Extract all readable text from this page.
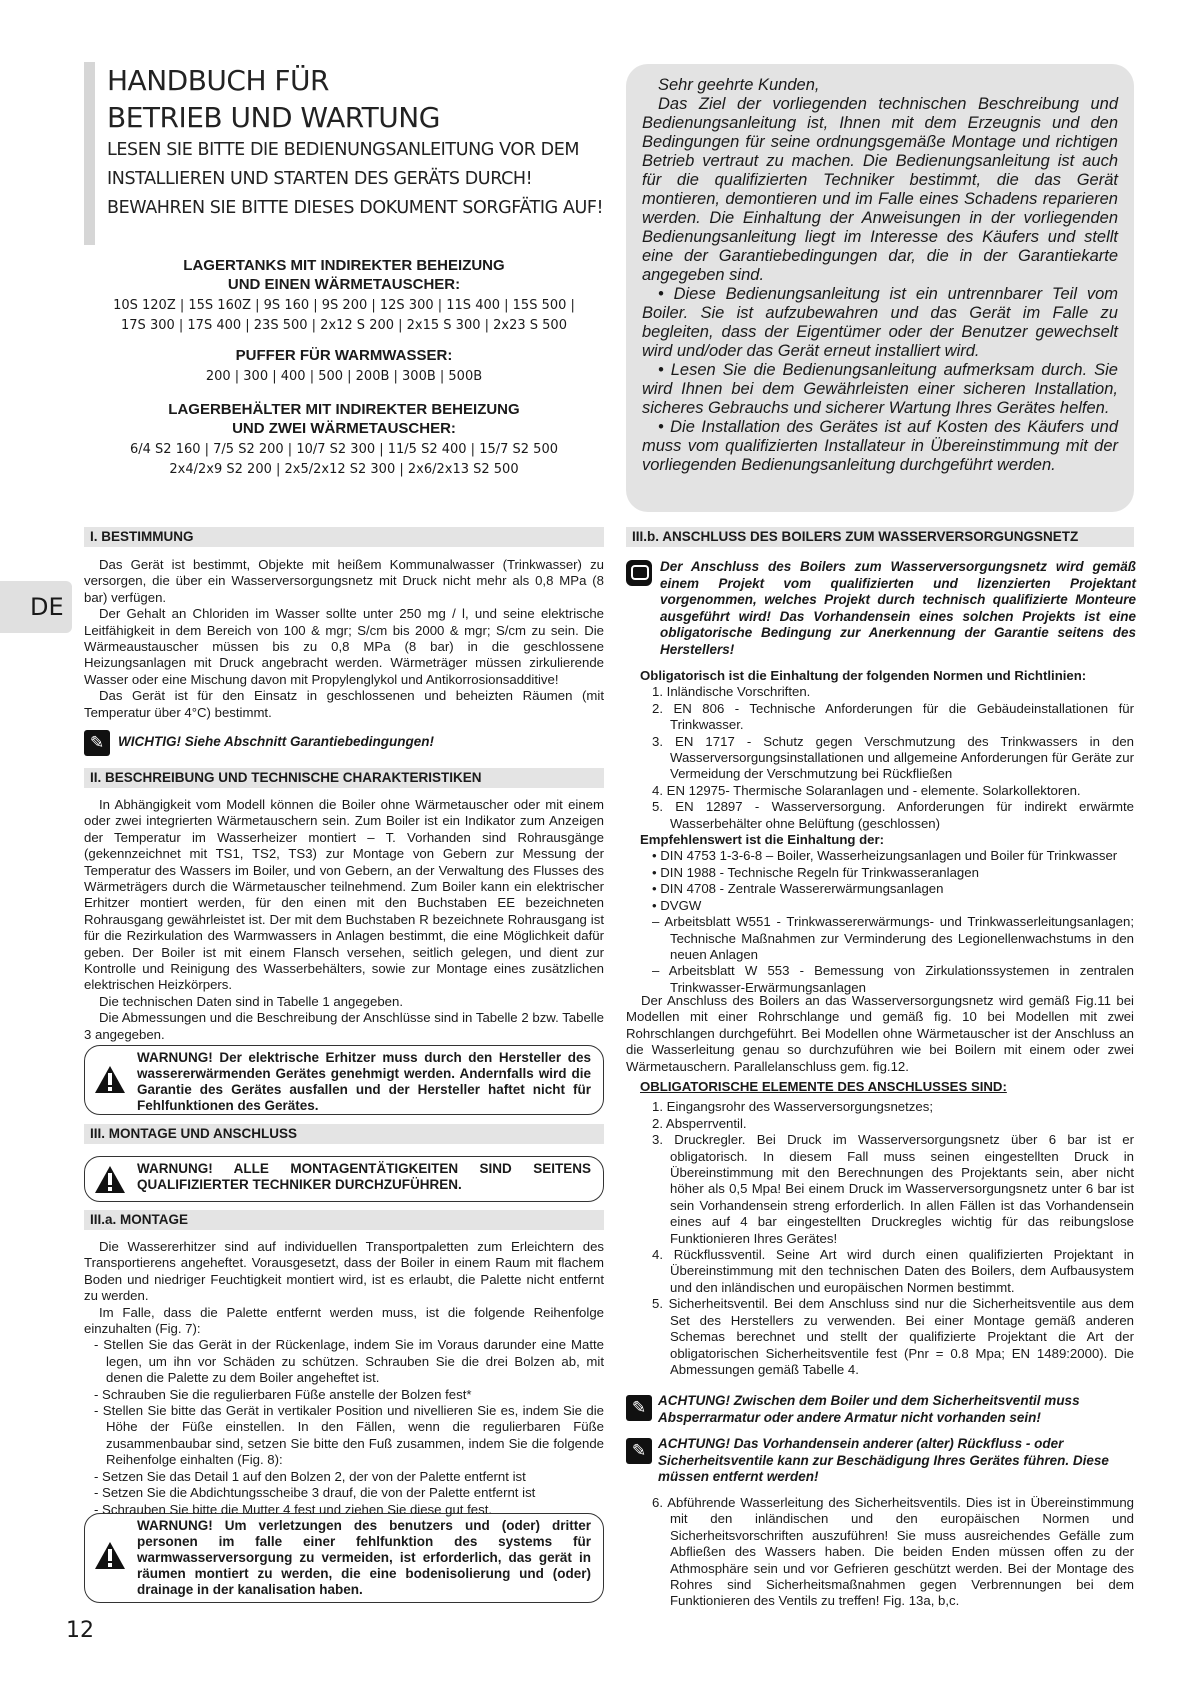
HANDBUCH FÜR
BETRIEB UND WARTUNG
LESEN SIE BITTE DIE BEDIENUNGSANLEITUNG VOR DEM
INSTALLIEREN UND STARTEN DES GERÄTS DURCH!
BEWAHREN SIE BITTE DIESES DOKUMENT SORGFÄTIG AUF!
LAGERTANKS MIT INDIREKTER BEHEIZUNG
UND EINEN WÄRMETAUSCHER:
10S 120Z | 15S 160Z | 9S 160 | 9S 200 | 12S 300 | 11S 400 | 15S 500 |
17S 300 | 17S 400 | 23S 500 | 2x12 S 200 | 2x15 S 300 | 2x23 S 500
PUFFER FÜR WARMWASSER:
200 | 300 | 400 | 500 | 200B | 300B | 500B
LAGERBEHÄLTER MIT INDIREKTER BEHEIZUNG
UND ZWEI WÄRMETAUSCHER:
6/4 S2 160 | 7/5 S2 200 | 10/7 S2 300 | 11/5 S2 400 | 15/7 S2 500
2x4/2x9 S2 200 | 2x5/2x12 S2 300 | 2x6/2x13 S2 500

Sehr geehrte Kunden,

Das Ziel der vorliegenden technischen Beschreibung und Bedienungsanleitung ist, Ihnen mit dem Erzeugnis und den Bedingungen für seine ordnungsgemäße Montage und richtigen Betrieb vertraut zu machen. Die Bedienungsanleitung ist auch für die qualifizierten Techniker bestimmt, die das Gerät montieren, demontieren und im Falle eines Schadens reparieren werden. Die Einhaltung der Anweisungen in der vorliegenden Bedienungsanleitung liegt im Interesse des Käufers und stellt eine der Garantiebedingungen dar, die in der Garantiekarte angegeben sind.

• Diese Bedienungsanleitung ist ein untrennbarer Teil vom Boiler. Sie ist aufzubewahren und das Gerät im Falle zu begleiten, dass der Eigentümer oder der Benutzer gewechselt wird und/oder das Gerät erneut installiert wird.

• Lesen Sie die Bedienungsanleitung aufmerksam durch. Sie wird Ihnen bei dem Gewährleisten einer sicheren Installation, sicheres Gebrauchs und sicherer Wartung Ihres Gerätes helfen.

• Die Installation des Gerätes ist auf Kosten des Käufers und muss vom qualifizierten Installateur in Übereinstimmung mit der vorliegenden Bedienungsanleitung durchgeführt werden.

DE
I. BESTIMMUNG

Das Gerät ist bestimmt, Objekte mit heißem Kommunalwasser (Trinkwasser) zu versorgen, die über ein Wasserversorgungsnetz mit Druck nicht mehr als 0,8 MPa (8 bar) verfügen.

Der Gehalt an Chloriden im Wasser sollte unter 250 mg / l, und seine elektrische Leitfähigkeit in dem Bereich von 100 & mgr; S/cm bis 2000 & mgr; S/cm zu sein. Die Wärmeaustauscher müssen bis zu 0,8 MPa (8 bar) in die geschlossene Heizungsanlagen mit Druck angebracht werden. Wärmeträger müssen zirkulierende Wasser oder eine Mischung davon mit Propylenglykol und Antikorrosionsadditive!

Das Gerät ist für den Einsatz in geschlossenen und beheizten Räumen (mit Temperatur über 4°C) bestimmt.

✎	WICHTIG! Siehe Abschnitt Garantiebedingungen!
II. BESCHREIBUNG UND TECHNISCHE CHARAKTERISTIKEN

In Abhängigkeit vom Modell können die Boiler ohne Wärmetauscher oder mit einem oder zwei integrierten Wärmetauschern sein. Zum Boiler ist ein Indikator zum Anzeigen der Temperatur im Wasserheizer montiert – T. Vorhanden sind Rohrausgänge (gekennzeichnet mit TS1, TS2, TS3) zur Montage von Gebern zur Messung der Temperatur des Wassers im Boiler, und von Gebern, an der Verwaltung des Flusses des Wärmeträgers durch die Wärmetauscher teilnehmend. Zum Boiler kann ein elektrischer Erhitzer montiert werden, für den einen mit den Buchstaben EE bezeichneten Rohrausgang gewährleistet ist. Der mit dem Buchstaben R bezeichnete Rohrausgang ist für die Rezirkulation des Warmwassers in Anlagen bestimmt, die eine Möglichkeit dafür geben. Der Boiler ist mit einem Flansch versehen, seitlich gelegen, und dient zur Kontrolle und Reinigung des Wasserbehälters, sowie zur Montage eines zusätzlichen elektrischen Heizkörpers.

Die technischen Daten sind in Tabelle 1 angegeben.

Die Abmessungen und die Beschreibung der Anschlüsse sind in Tabelle 2 bzw. Tabelle 3 angegeben.

WARNUNG! Der elektrische Erhitzer muss durch den Hersteller des wassererwärmenden Gerätes genehmigt werden. Andernfalls wird die Garantie des Gerätes ausfallen und der Hersteller haftet nicht für Fehlfunktionen des Gerätes.
III. MONTAGE UND ANSCHLUSS
WARNUNG! ALLE MONTAGENTÄTIGKEITEN SIND SEITENS QUALIFIZIERTER TECHNIKER DURCHZUFÜHREN.
III.a. MONTAGE

Die Wassererhitzer sind auf individuellen Transportpaletten zum Erleichtern des Transportierens angeheftet. Vorausgesetzt, dass der Boiler in einem Raum mit flachem Boden und niedriger Feuchtigkeit montiert wird, ist es erlaubt, die Palette nicht entfernt zu werden.

Im Falle, dass die Palette entfernt werden muss, ist die folgende Reihenfolge einzuhalten (Fig. 7):

- Stellen Sie das Gerät in der Rückenlage, indem Sie im Voraus darunder eine Matte legen, um ihn vor Schäden zu schützen. Schrauben Sie die drei Bolzen ab, mit denen die Palette zu dem Boiler angeheftet ist.
- Schrauben Sie die regulierbaren Füße anstelle der Bolzen fest*
- Stellen Sie bitte das Gerät in vertikaler Position und nivellieren Sie es, indem Sie die Höhe der Füße einstellen. In den Fällen, wenn die regulierbaren Füße zusammenbaubar sind, setzen Sie bitte den Fuß zusammen, indem Sie die folgende Reihenfolge einhalten (Fig. 8):
- Setzen Sie das Detail 1 auf den Bolzen 2, der von der Palette entfernt ist
- Setzen Sie die Abdichtungsscheibe 3 drauf, die von der Palette entfernt ist
- Schrauben Sie bitte die Mutter 4 fest und ziehen Sie diese gut fest.
WARNUNG! Um verletzungen des benutzers und (oder) dritter personen im falle einer fehlfunktion des systems für warmwasserversorgung zu vermeiden, ist erforderlich, das gerät in räumen montiert zu werden, die eine bodenisolierung und (oder) drainage in der kanalisation haben.
12
III.b. ANSCHLUSS DES BOILERS ZUM WASSERVERSORGUNGSNETZ
Der Anschluss des Boilers zum Wasserversorgungsnetz wird gemäß einem Projekt vom qualifizierten und lizenzierten Projektant vorgenommen, welches Projekt durch technisch qualifizierte Monteure ausgeführt wird! Das Vorhandensein eines solchen Projekts ist eine obligatorische Bedingung zur Anerkennung der Garantie seitens des Herstellers!
Obligatorisch ist die Einhaltung der folgenden Normen und Richtlinien:
1. Inländische Vorschriften.
2. EN 806 - Technische Anforderungen für die Gebäudeinstallationen für Trinkwasser.
3. EN 1717 - Schutz gegen Verschmutzung des Trinkwassers in den Wasserversorgungsinstallationen und allgemeine Anforderungen für Geräte zur Vermeidung der Verschmutzung bei Rückfließen
4. EN 12975- Thermische Solaranlagen und - elemente. Solarkollektoren.
5. EN 12897 - Wasserversorgung. Anforderungen für indirekt erwärmte Wasserbehälter ohne Belüftung (geschlossen)
Empfehlenswert ist die Einhaltung der:
• DIN 4753 1-3-6-8 – Boiler, Wasserheizungsanlagen und Boiler für Trinkwasser
• DIN 1988 - Technische Regeln für Trinkwasseranlagen
• DIN 4708 - Zentrale Wassererwärmungsanlagen
• DVGW
– Arbeitsblatt W551 - Trinkwassererwärmungs- und Trinkwasserleitungsanlagen; Technische Maßnahmen zur Verminderung des Legionellenwachstums in den neuen Anlagen
– Arbeitsblatt W 553 - Bemessung von Zirkulationssystemen in zentralen Trinkwasser-Erwärmungsanlagen

Der Anschluss des Boilers an das Wasserversorgungsnetz wird gemäß Fig.11 bei Modellen mit einer Rohrschlange und gemäß fig. 10 bei Modellen mit zwei Rohrschlangen durchgeführt. Bei Modellen ohne Wärmetauscher ist der Anschluss an die Wasserleitung genau so durchzuführen wie bei Boilern mit einem oder zwei Wärmetauschern. Parallelanschluss gem. fig.12.

OBLIGATORISCHE ELEMENTE DES ANSCHLUSSES SIND:
1. Eingangsrohr des Wasserversorgungsnetzes;
2. Absperrventil.
3. Druckregler. Bei Druck im Wasserversorgungsnetz über 6 bar ist er obligatorisch. In diesem Fall muss seinen eingestellten Druck in Übereinstimmung mit den Berechnungen des Projektants sein, aber nicht höher als 0,5 Mpa! Bei einem Druck im Wasserversorgungsnetz unter 6 bar ist sein Vorhandensein streng erforderlich. In allen Fällen ist das Vorhandensein eines auf 4 bar eingestellten Druckregles wichtig für das reibungslose Funktionieren Ihres Gerätes!
4. Rückflussventil. Seine Art wird durch einen qualifizierten Projektant in Übereinstimmung mit den technischen Daten des Boilers, dem Aufbausystem und den inländischen und europäischen Normen bestimmt.
5. Sicherheitsventil. Bei dem Anschluss sind nur die Sicherheitsventile aus dem Set des Herstellers zu verwenden. Bei einer Montage gemäß anderen Schemas berechnet und stellt der qualifizierte Projektant die Art der obligatorischen Sicherheitsventile fest (Pnr = 0.8 Mpa; EN 1489:2000). Die Abmessungen gemäß Tabelle 4.
✎ ACHTUNG! Zwischen dem Boiler und dem Sicherheitsventil muss Absperrarmatur oder andere Armatur nicht vorhanden sein!
✎ ACHTUNG! Das Vorhandensein anderer (alter) Rückfluss - oder Sicherheitsventile kann zur Beschädigung Ihres Gerätes führen. Diese müssen entfernt werden!
6. Abführende Wasserleitung des Sicherheitsventils. Dies ist in Übereinstimmung mit den inländischen und den europäischen Normen und Sicherheitsvorschriften auszuführen! Sie muss ausreichendes Gefälle zum Abfließen des Wassers haben. Die beiden Enden müssen offen zu der Athmosphäre sein und vor Gefrieren geschützt werden. Bei der Montage des Rohres sind Sicherheitsmaßnahmen gegen Verbrennungen bei dem Funktionieren des Ventils zu treffen! Fig. 13a, b,c.
